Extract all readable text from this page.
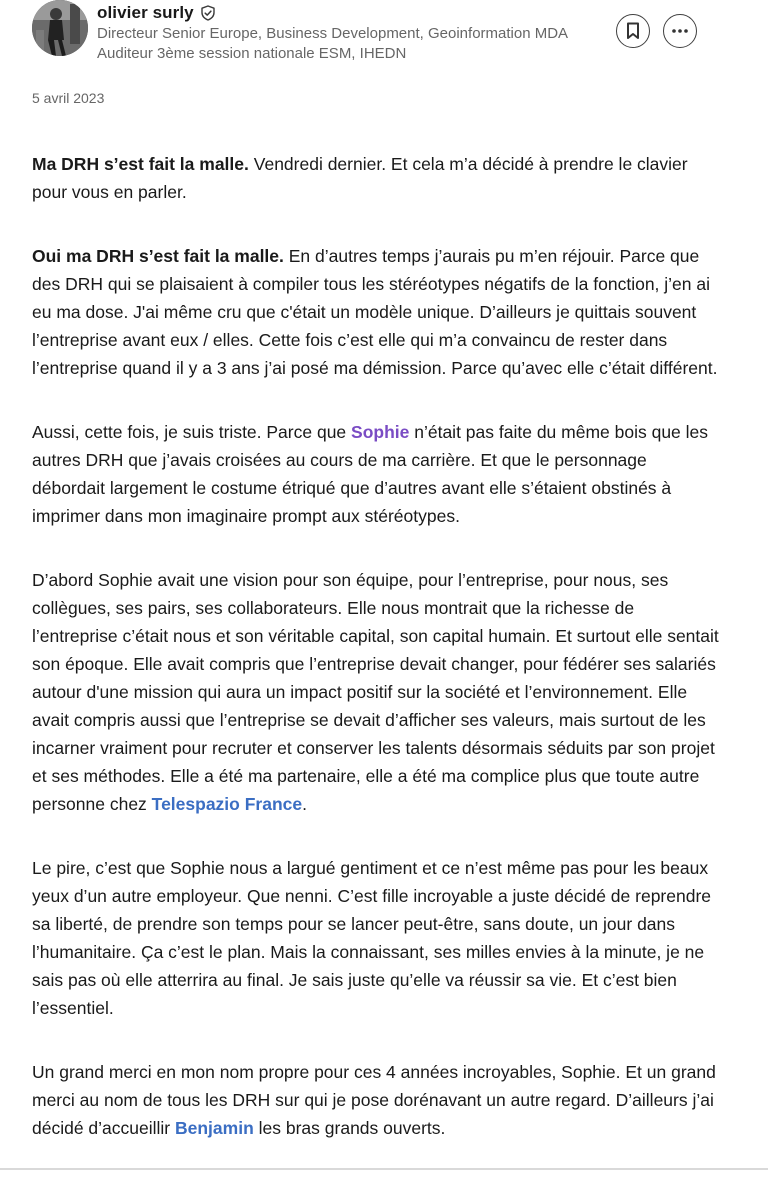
olivier surly
Directeur Senior Europe, Business Development, Geoinformation MDA
Auditeur 3ème session nationale ESM, IHEDN
5 avril 2023

Ma DRH s’est fait la malle. Vendredi dernier. Et cela m’a décidé à prendre le clavier pour vous en parler.

Oui ma DRH s’est fait la malle. En d’autres temps j’aurais pu m’en réjouir. Parce que des DRH qui se plaisaient à compiler tous les stéréotypes négatifs de la fonction, j’en ai eu ma dose. J'ai même cru que c'était un modèle unique. D’ailleurs je quittais souvent l’entreprise avant eux / elles. Cette fois c’est elle qui m’a convaincu de rester dans l’entreprise quand il y a 3 ans j’ai posé ma démission. Parce qu’avec elle c’était différent.

Aussi, cette fois, je suis triste. Parce que Sophie n’était pas faite du même bois que les autres DRH que j’avais croisées au cours de ma carrière. Et que le personnage débordait largement le costume étriqué que d’autres avant elle s’étaient obstinés à imprimer dans mon imaginaire prompt aux stéréotypes.

D’abord Sophie avait une vision pour son équipe, pour l’entreprise, pour nous, ses collègues, ses pairs, ses collaborateurs. Elle nous montrait que la richesse de l’entreprise c’était nous et son véritable capital, son capital humain. Et surtout elle sentait son époque. Elle avait compris que l’entreprise devait changer, pour fédérer ses salariés autour d'une mission qui aura un impact positif sur la société et l’environnement. Elle avait compris aussi que l’entreprise se devait d’afficher ses valeurs, mais surtout de les incarner vraiment pour recruter et conserver les talents désormais séduits par son projet et ses méthodes. Elle a été ma partenaire, elle a été ma complice plus que toute autre personne chez Telespazio France.

Le pire, c’est que Sophie nous a largué gentiment et ce n’est même pas pour les beaux yeux d’un autre employeur. Que nenni. C’est fille incroyable a juste décidé de reprendre sa liberté, de prendre son temps pour se lancer peut-être, sans doute, un jour dans l’humanitaire. Ça c’est le plan. Mais la connaissant, ses milles envies à la minute, je ne sais pas où elle atterrira au final. Je sais juste qu’elle va réussir sa vie. Et c’est bien l’essentiel.

Un grand merci en mon nom propre pour ces 4 années incroyables, Sophie. Et un grand merci au nom de tous les DRH sur qui je pose dorénavant un autre regard. D’ailleurs j’ai décidé d’accueillir Benjamin les bras grands ouverts.
